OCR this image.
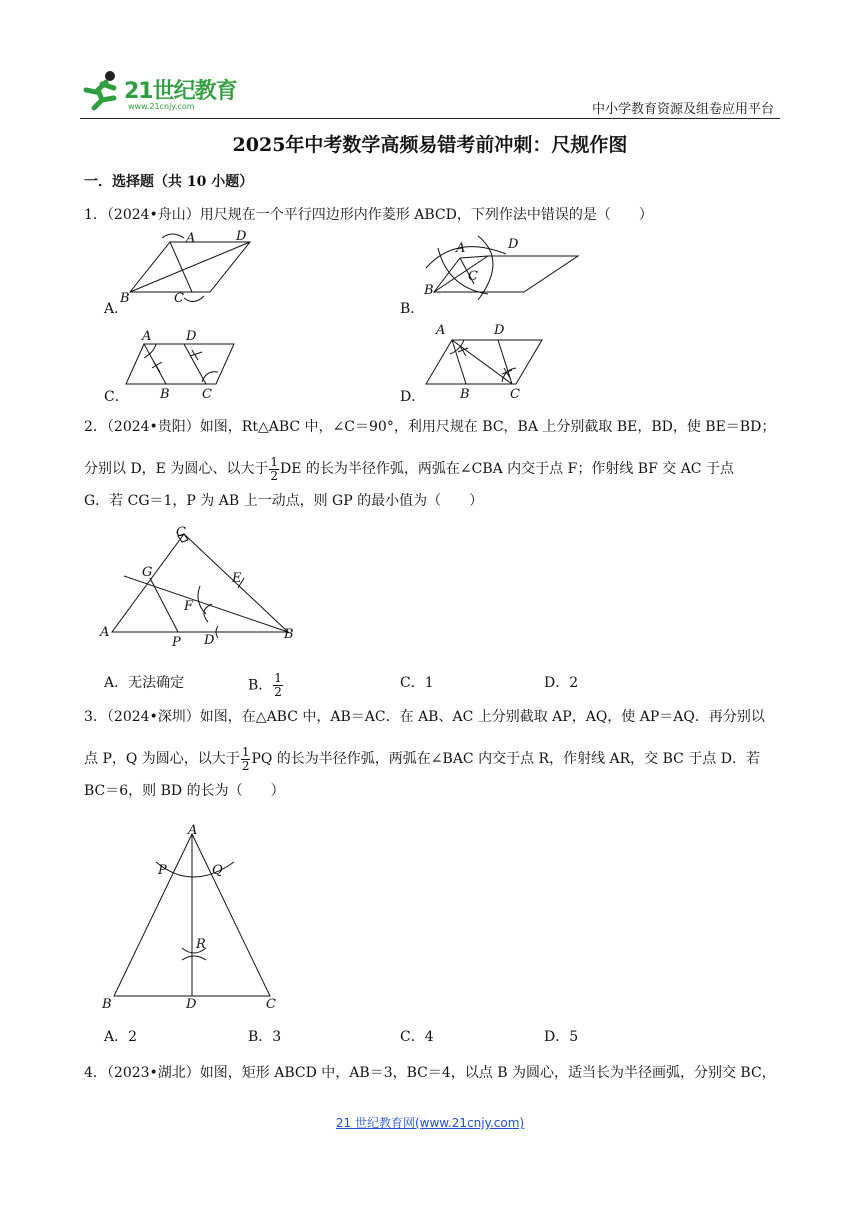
21世纪教育
www.21cnjy.com	中小学教育资源及组卷应用平台
2025年中考数学高频易错考前冲刺：尺规作图
一．选择题（共 10 小题）
1．（2024•舟山）用尺规在一个平行四边形内作菱形 ABCD，下列作法中错误的是（　　）
A．
A	D
B	C
B．
A	D
C
B
C．
A	D
B C	D．
A	D
B	C
2．（2024•贵阳）如图，Rt△ABC 中，∠C＝90°，利用尺规在 BC，BA 上分别截取 BE，BD，使 BE＝BD；
分别以 D，E 为圆心、以大于 $\frac{1}{2}$ DE 的长为半径作弧，两弧在∠CBA 内交于点 F；作射线 BF 交 AC 于点
G．若 CG＝1，P 为 AB 上一动点，则 GP 的最小值为（　　）
C
G	E
F
A
P D	B
A．无法确定	B． $\frac{1}{2}$	C．1	D．2
3．（2024•深圳）如图，在△ABC 中，AB＝AC．在 AB、AC 上分别截取 AP，AQ，使 AP＝AQ．再分别以
点 P，Q 为圆心，以大于 $\frac{1}{2}$ PQ 的长为半径作弧，两弧在∠BAC 内交于点 R，作射线 AR，交 BC 于点 D．若
BC＝6，则 BD 的长为（　　）
A
P	Q
R
B	D	C
A．2	B．3	C．4	D．5
4．（2023•湖北）如图，矩形 ABCD 中，AB＝3，BC＝4，以点 B 为圆心，适当长为半径画弧，分别交 BC，
21 世纪教育网(www.21cnjy.com)
